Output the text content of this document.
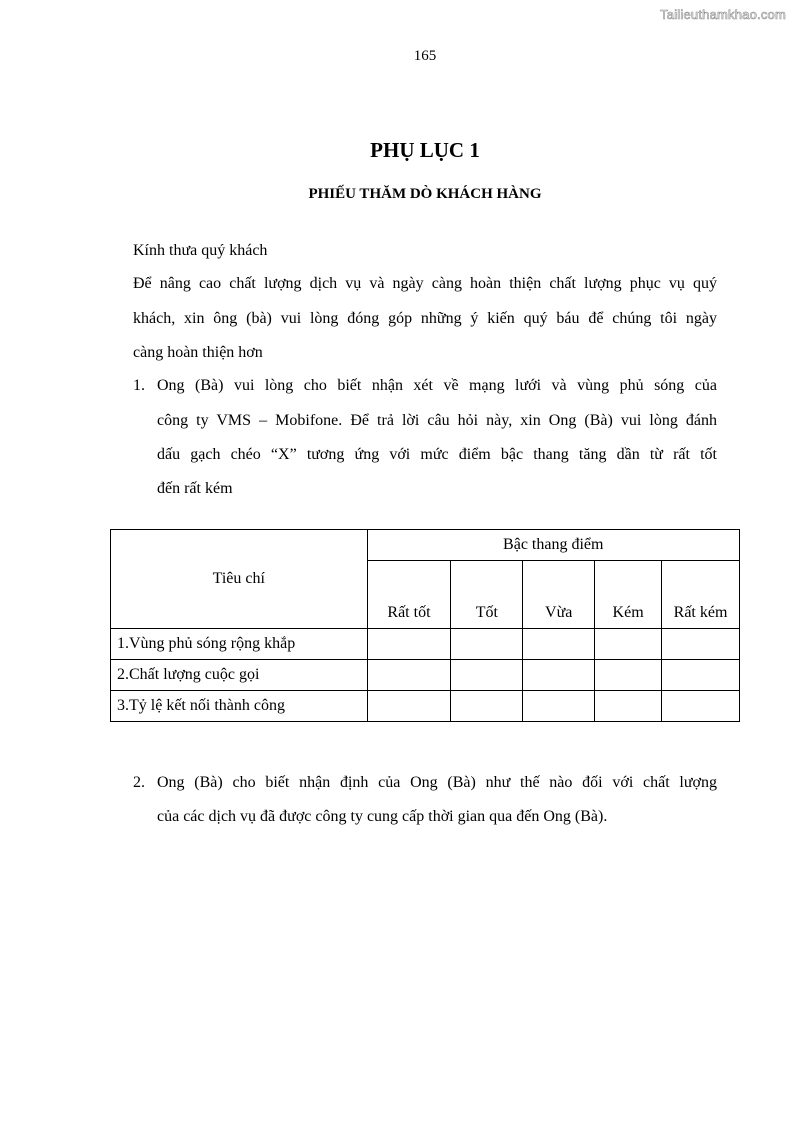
Tailieuthamkhao.com
165
PHỤ LỤC 1
PHIẾU THĂM DÒ KHÁCH HÀNG
Kính thưa quý khách
Để nâng cao chất lượng dịch vụ và ngày càng hoàn thiện chất lượng phục vụ quý
khách, xin ông (bà) vui lòng đóng góp những ý kiến quý báu để chúng tôi ngày
càng hoàn thiện hơn
1. Ong (Bà) vui lòng cho biết nhận xét về mạng lưới và vùng phủ sóng của
công ty VMS – Mobifone. Để trả lời câu hỏi này, xin Ong (Bà) vui lòng đánh
dấu gạch chéo “X” tương ứng với mức điểm bậc thang tăng dần từ rất tốt
đến rất kém
Tiêu chí	Bậc thang điểm				
	Rất tốt	Tốt	Vừa	Kém	Rất kém
1.Vùng phủ sóng rộng khắp					
2.Chất lượng cuộc gọi					
3.Tỷ lệ kết nối thành công					
2. Ong (Bà) cho biết nhận định của Ong (Bà) như thế nào đối với chất lượng
của các dịch vụ đã được công ty cung cấp thời gian qua đến Ong (Bà).
